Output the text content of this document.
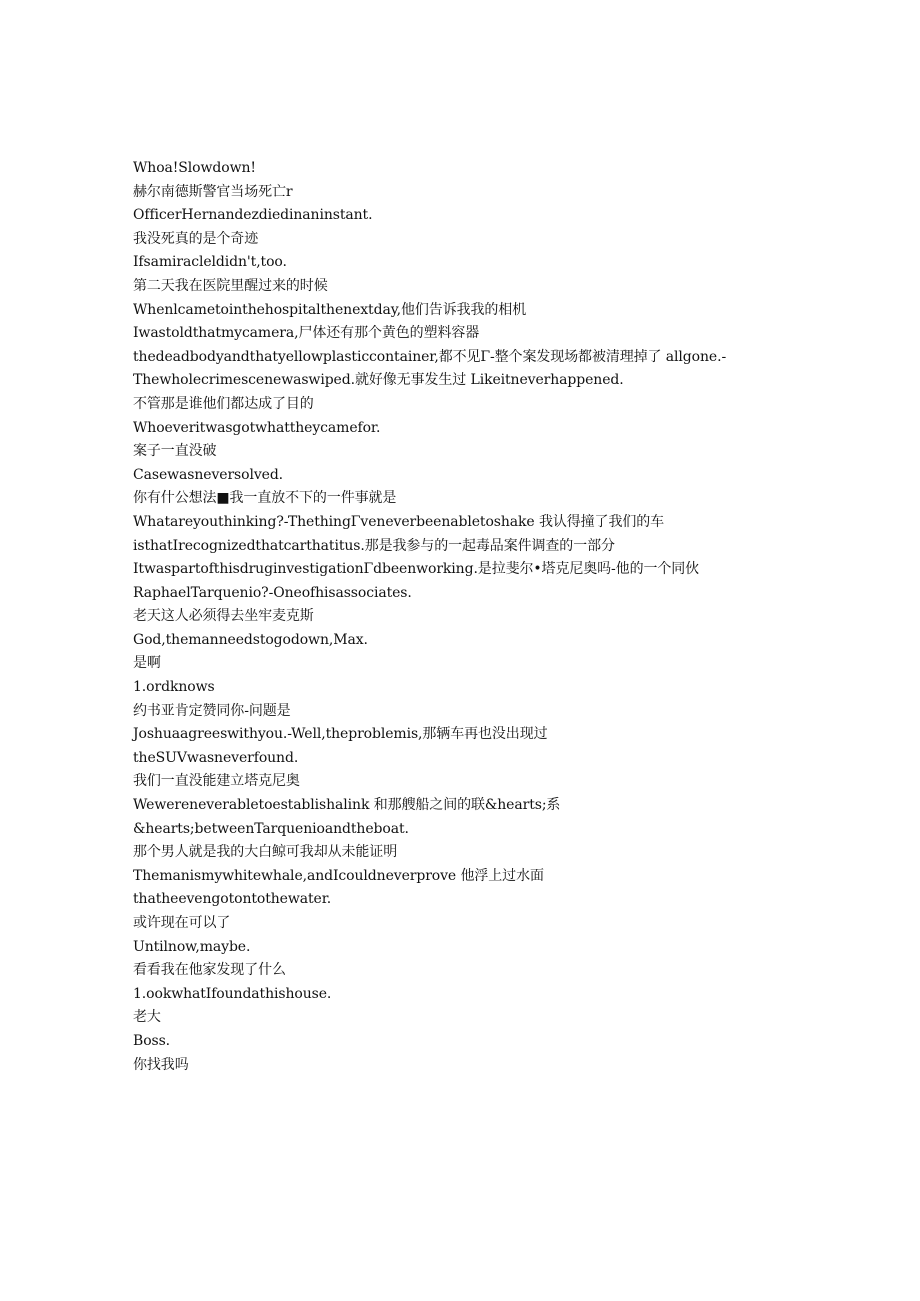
Whoa!Slowdown!
赫尔南德斯警官当场死亡r
OfficerHernandezdiedinaninstant.
我没死真的是个奇迹
Ifsamiracleldidn't,too.
第二天我在医院里醒过来的时候
Whenlcametointhehospitalthenextday,他们告诉我我的相机
Iwastoldthatmycamera,尸体还有那个黄色的塑料容器
thedeadbodyandthatyellowplasticcontainer,都不见Γ-整个案发现场都被清理掉了 allgone.-
Thewholecrimescenewaswiped.就好像无事发生过 Likeitneverhappened.
不管那是谁他们都达成了目的
Whoeveritwasgotwhattheycamefor.
案子一直没破
Casewasneversolved.
你有什公想法■我一直放不下的一件事就是
Whatareyouthinking?-ThethingΓveneverbeenabletoshake 我认得撞了我们的车
isthatIrecognizedthatcarthatitus.那是我参与的一起毒品案件调查的一部分
ItwaspartofthisdruginvestigationΓdbeenworking.是拉斐尔•塔克尼奥吗-他的一个同伙
RaphaelTarquenio?-Oneofhisassociates.
老天这人必须得去坐牢麦克斯
God,themanneedstogodown,Max.
是啊
1.ordknows
约书亚肯定赞同你-问题是
Joshuaagreeswithyou.-Well,theproblemis,那辆车再也没出现过
theSUVwasneverfound.
我们一直没能建立塔克尼奥
Wewereneverabletoestablishalink 和那艘船之间的联&hearts;系
&hearts;betweenTarquenioandtheboat.
那个男人就是我的大白鲸可我却从未能证明
Themanismywhitewhale,andIcouldneverprove 他浮上过水面
thatheevengotontothewater.
或许现在可以了
Untilnow,maybe.
看看我在他家发现了什么
1.ookwhatIfoundathishouse.
老大
Boss.
你找我吗
